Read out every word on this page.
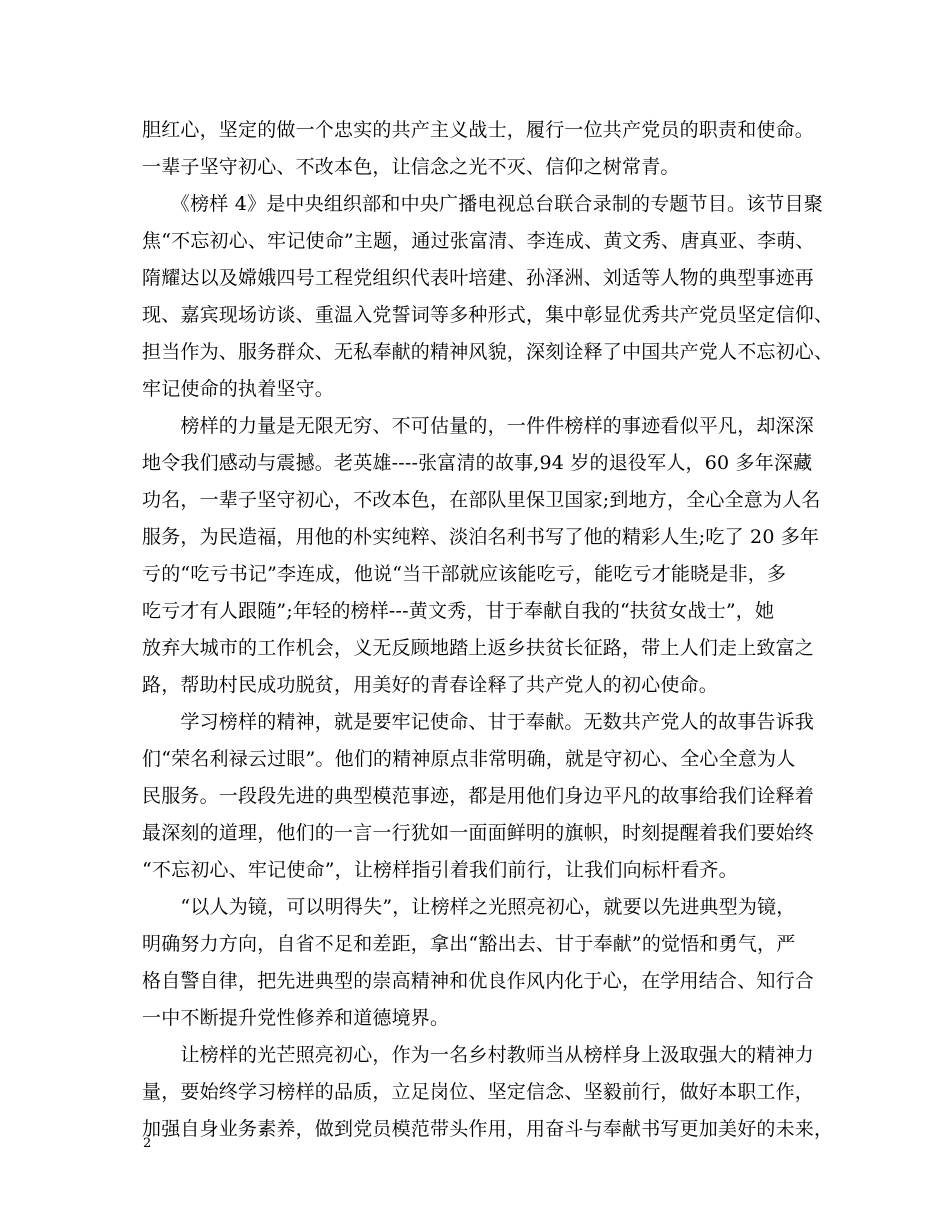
胆红心，坚定的做一个忠实的共产主义战士，履行一位共产党员的职责和使命。
一辈子坚守初心、不改本色，让信念之光不灭、信仰之树常青。
　　《榜样 4》是中央组织部和中央广播电视总台联合录制的专题节目。该节目聚
焦“不忘初心、牢记使命”主题，通过张富清、李连成、黄文秀、唐真亚、李萌、
隋耀达以及嫦娥四号工程党组织代表叶培建、孙泽洲、刘适等人物的典型事迹再
现、嘉宾现场访谈、重温入党誓词等多种形式，集中彰显优秀共产党员坚定信仰、
担当作为、服务群众、无私奉献的精神风貌，深刻诠释了中国共产党人不忘初心、
牢记使命的执着坚守。
　　榜样的力量是无限无穷、不可估量的，一件件榜样的事迹看似平凡，却深深
地令我们感动与震撼。老英雄----张富清的故事,94 岁的退役军人，60 多年深藏
功名，一辈子坚守初心，不改本色，在部队里保卫国家;到地方，全心全意为人名
服务，为民造福，用他的朴实纯粹、淡泊名利书写了他的精彩人生;吃了 20 多年
亏的“吃亏书记”李连成，他说“当干部就应该能吃亏，能吃亏才能晓是非，多
吃亏才有人跟随”;年轻的榜样---黄文秀，甘于奉献自我的“扶贫女战士”，她
放弃大城市的工作机会，义无反顾地踏上返乡扶贫长征路，带上人们走上致富之
路，帮助村民成功脱贫，用美好的青春诠释了共产党人的初心使命。
　　学习榜样的精神，就是要牢记使命、甘于奉献。无数共产党人的故事告诉我
们“荣名利禄云过眼”。他们的精神原点非常明确，就是守初心、全心全意为人
民服务。一段段先进的典型模范事迹，都是用他们身边平凡的故事给我们诠释着
最深刻的道理，他们的一言一行犹如一面面鲜明的旗帜，时刻提醒着我们要始终
“不忘初心、牢记使命”，让榜样指引着我们前行，让我们向标杆看齐。
　　“以人为镜，可以明得失”，让榜样之光照亮初心，就要以先进典型为镜，
明确努力方向，自省不足和差距，拿出“豁出去、甘于奉献”的觉悟和勇气，严
格自警自律，把先进典型的崇高精神和优良作风内化于心，在学用结合、知行合
一中不断提升党性修养和道德境界。
　　让榜样的光芒照亮初心，作为一名乡村教师当从榜样身上汲取强大的精神力
量，要始终学习榜样的品质，立足岗位、坚定信念、坚毅前行，做好本职工作，
加强自身业务素养，做到党员模范带头作用，用奋斗与奉献书写更加美好的未来，
2
